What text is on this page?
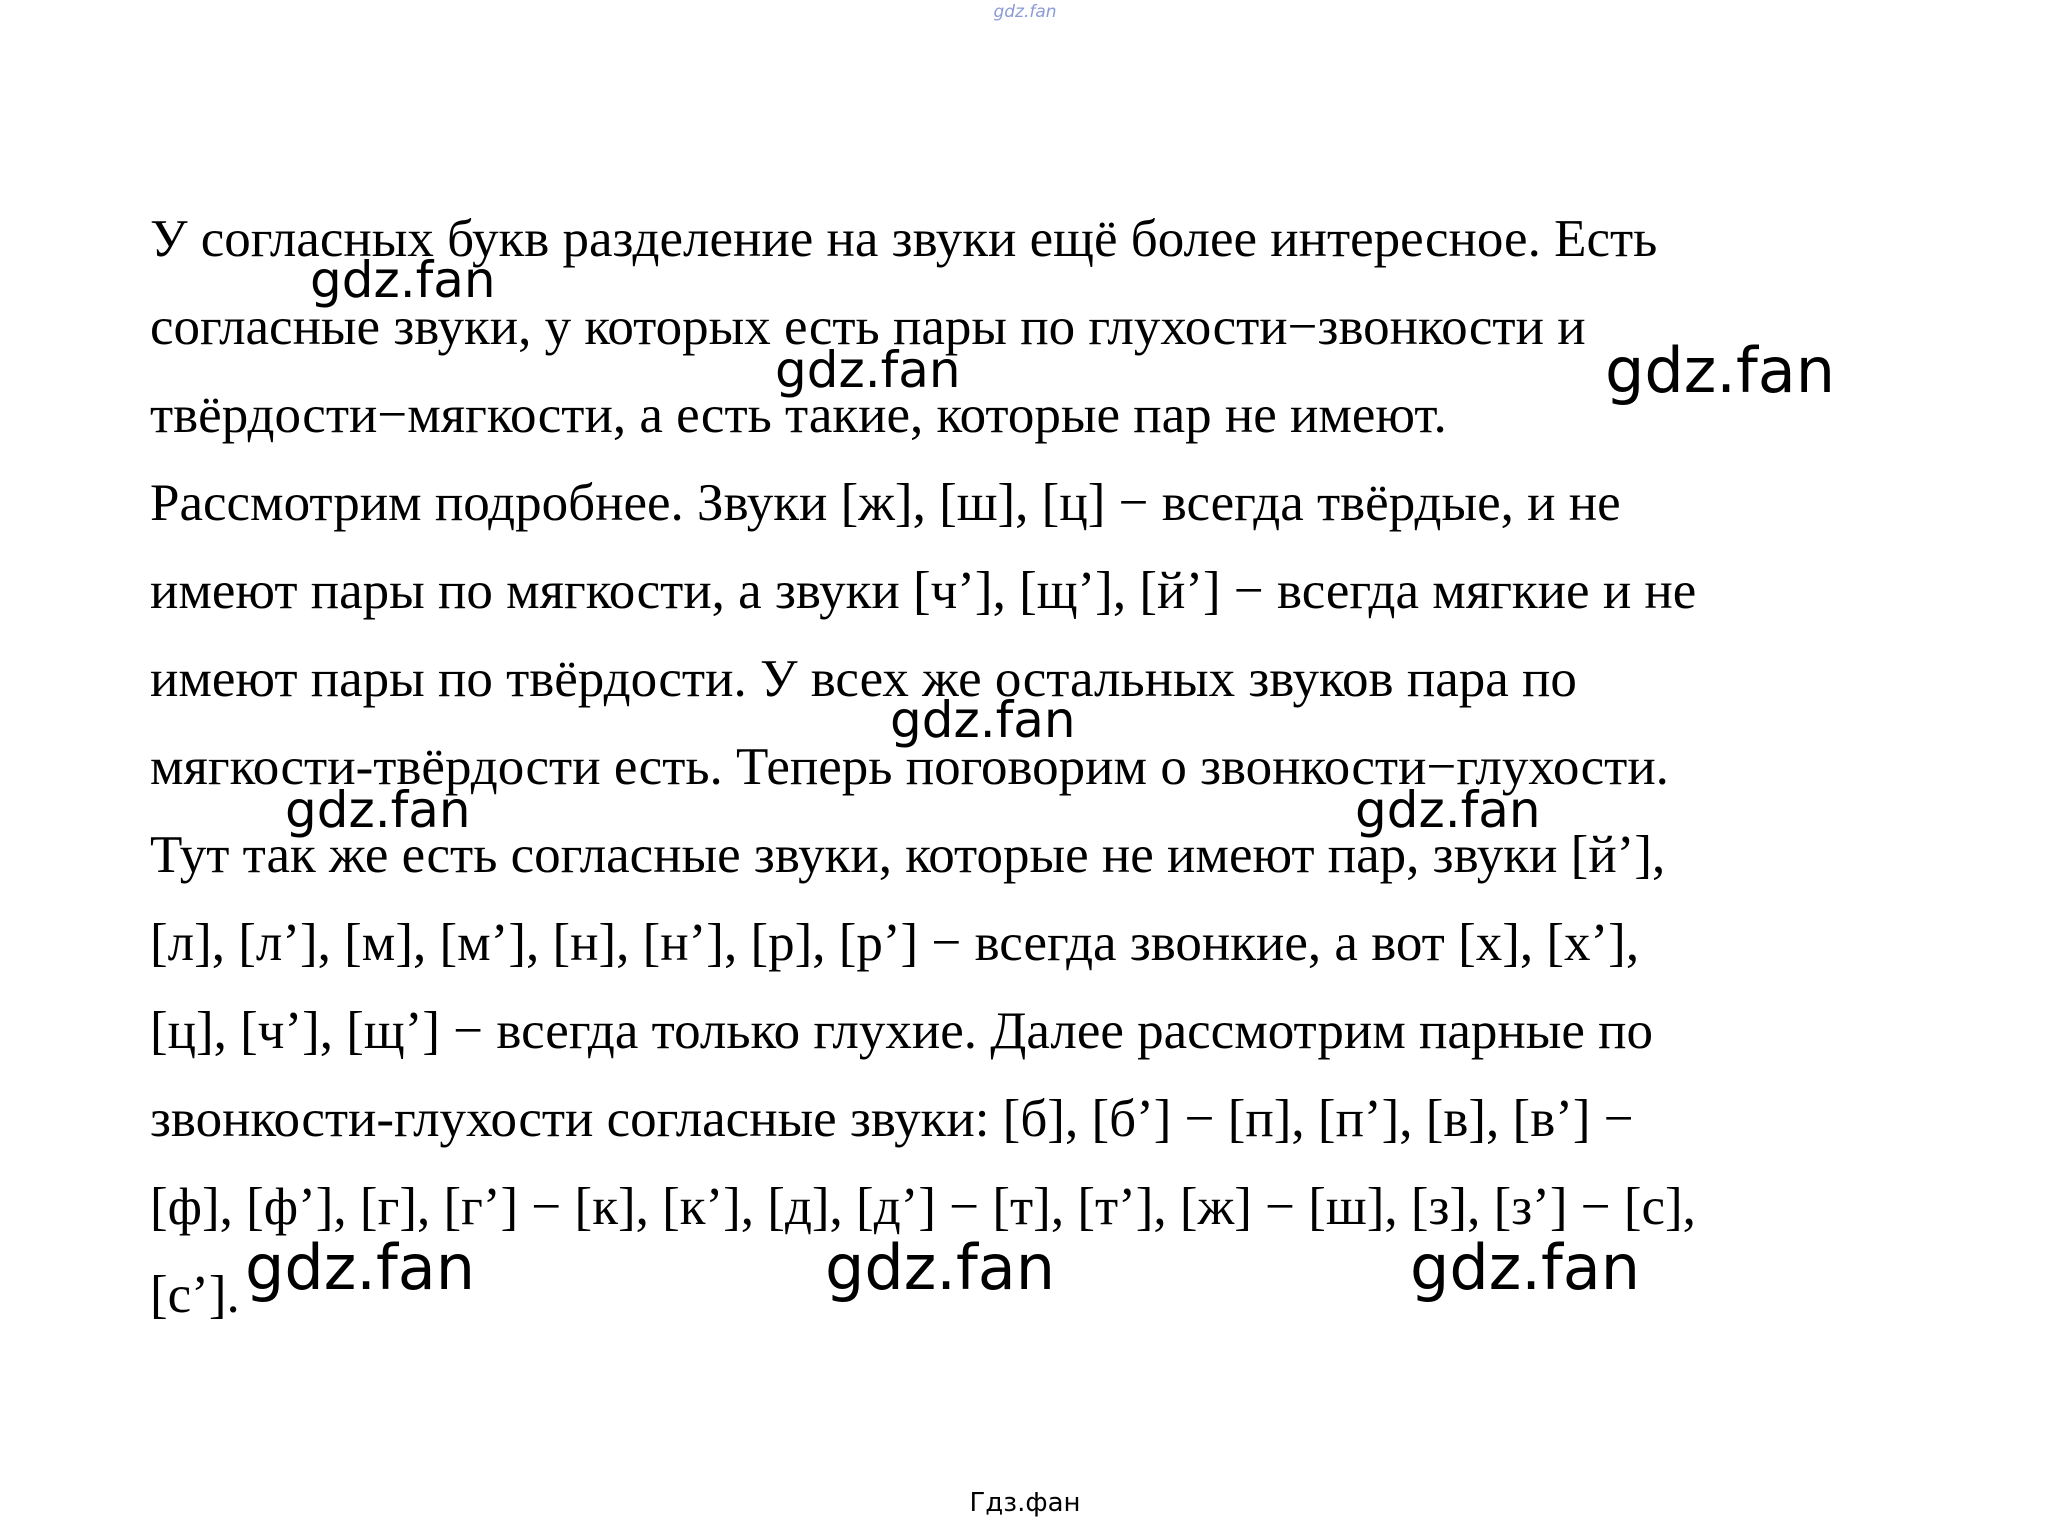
gdz.fan
У согласных букв разделение на звуки ещё более интересное. Есть
согласные звуки, у которых есть пары по глухости−звонкости и
твёрдости−мягкости, а есть такие, которые пар не имеют.
Рассмотрим подробнее. Звуки [ж], [ш], [ц] − всегда твёрдые, и не
имеют пары по мягкости, а звуки [ч’], [щ’], [й’] − всегда мягкие и не
имеют пары по твёрдости. У всех же остальных звуков пара по
мягкости-твёрдости есть. Теперь поговорим о звонкости−глухости.
Тут так же есть согласные звуки, которые не имеют пар, звуки [й’],
[л], [л’], [м], [м’], [н], [н’], [р], [р’] − всегда звонкие, а вот [х], [х’],
[ц], [ч’], [щ’] − всегда только глухие. Далее рассмотрим парные по
звонкости-глухости согласные звуки: [б], [б’] − [п], [п’], [в], [в’] −
[ф], [ф’], [г], [г’] − [к], [к’], [д], [д’] − [т], [т’], [ж] − [ш], [з], [з’] − [с],
[с’].
gdz.fan
gdz.fan	gdz.fan
gdz.fan
gdz.fan	gdz.fan
gdz.fan	gdz.fan	gdz.fan
Гдз.фан
